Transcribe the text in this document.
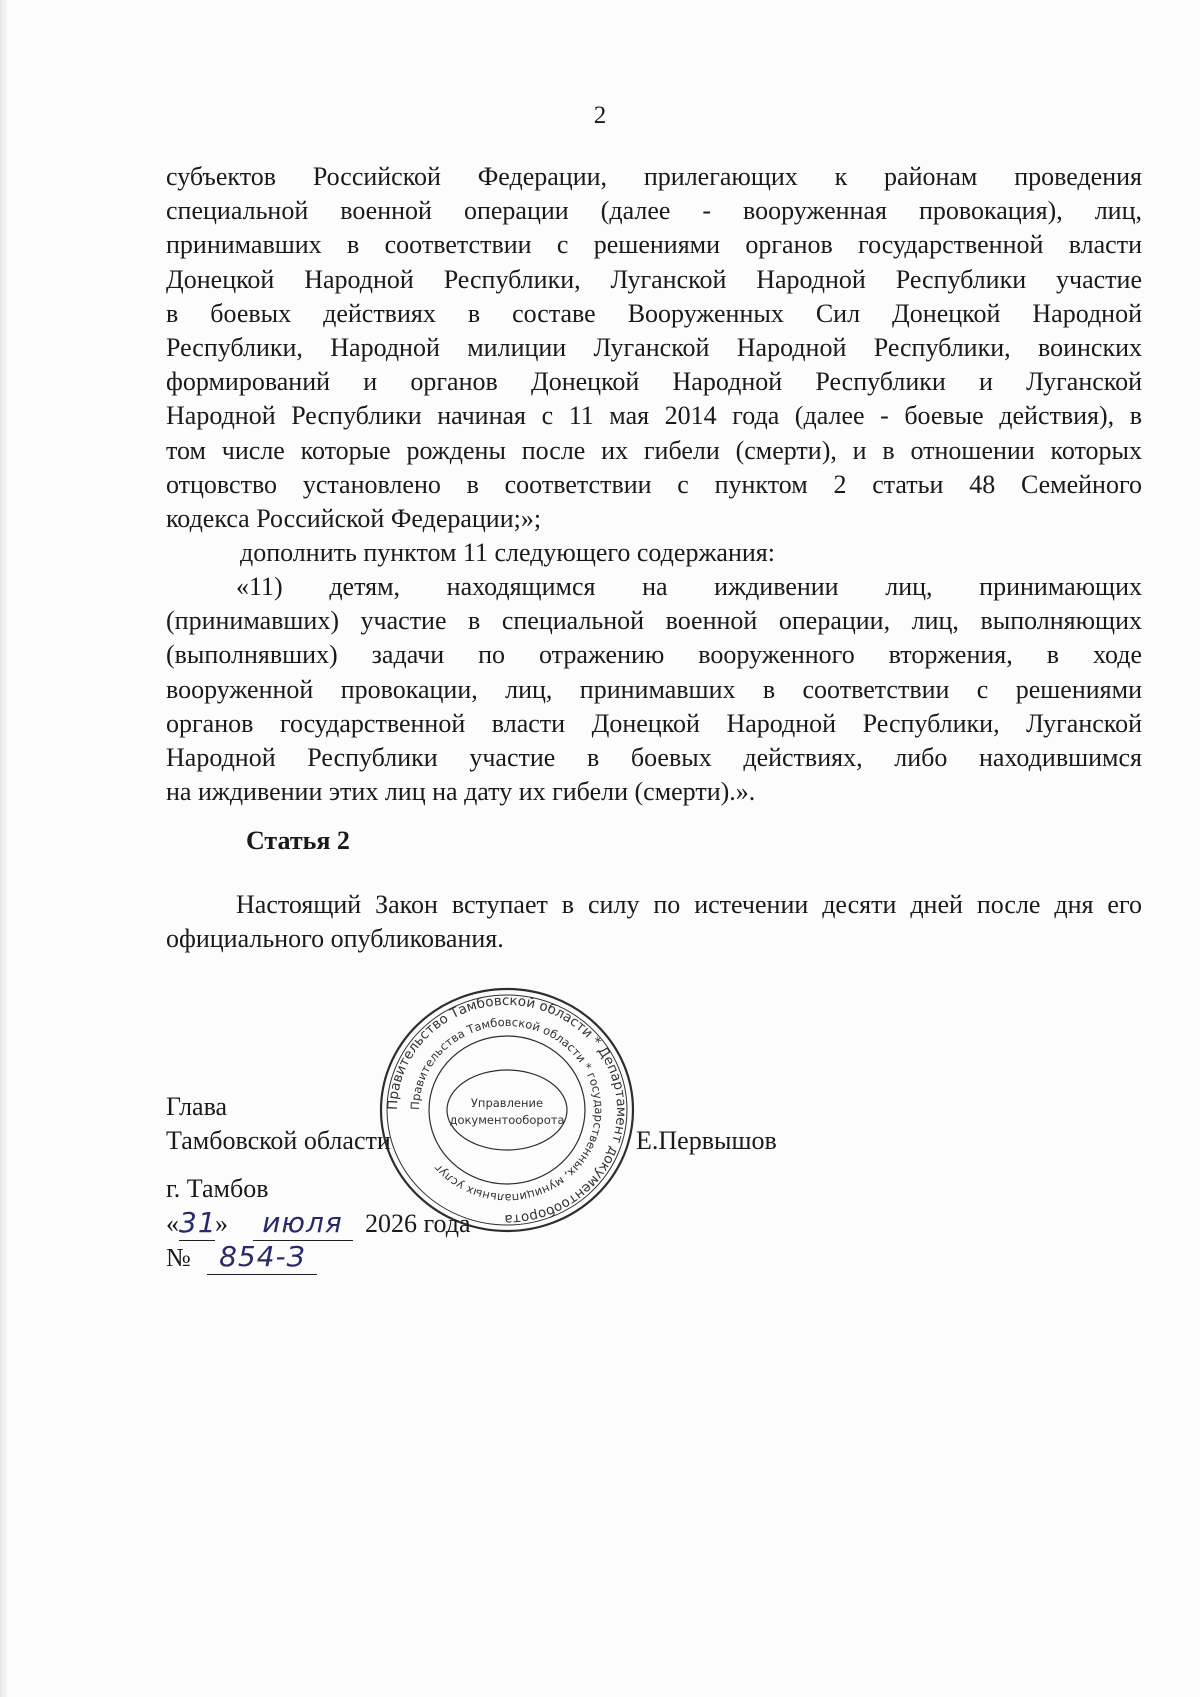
2
субъектов Российской Федерации, прилегающих к районам проведения
специальной военной операции (далее - вооруженная провокация), лиц,
принимавших в соответствии с решениями органов государственной власти
Донецкой Народной Республики, Луганской Народной Республики участие
в боевых действиях в составе Вооруженных Сил Донецкой Народной
Республики, Народной милиции Луганской Народной Республики, воинских
формирований и органов Донецкой Народной Республики и Луганской
Народной Республики начиная с 11 мая 2014 года (далее - боевые действия), в
том числе которые рождены после их гибели (смерти), и в отношении которых
отцовство установлено в соответствии с пунктом 2 статьи 48 Семейного
кодекса Российской Федерации;»;
дополнить пунктом 11 следующего содержания:
«11) детям, находящимся на иждивении лиц, принимающих
(принимавших) участие в специальной военной операции, лиц, выполняющих
(выполнявших) задачи по отражению вооруженного вторжения, в ходе
вооруженной провокации, лиц, принимавших в соответствии с решениями
органов государственной власти Донецкой Народной Республики, Луганской
Народной Республики участие в боевых действиях, либо находившимся
на иждивении этих лиц на дату их гибели (смерти).».
Статья 2
Настоящий Закон вступает в силу по истечении десяти дней после дня его
официального опубликования.
Правительство Тамбовской области * Департамент документооборота
Правительства Тамбовской области * государственных, муниципальных услуг
Управление
документооборота
Глава
Тамбовской области	Е.Первышов
г. Тамбов
«31» июля 2026 года
№ 854-З
